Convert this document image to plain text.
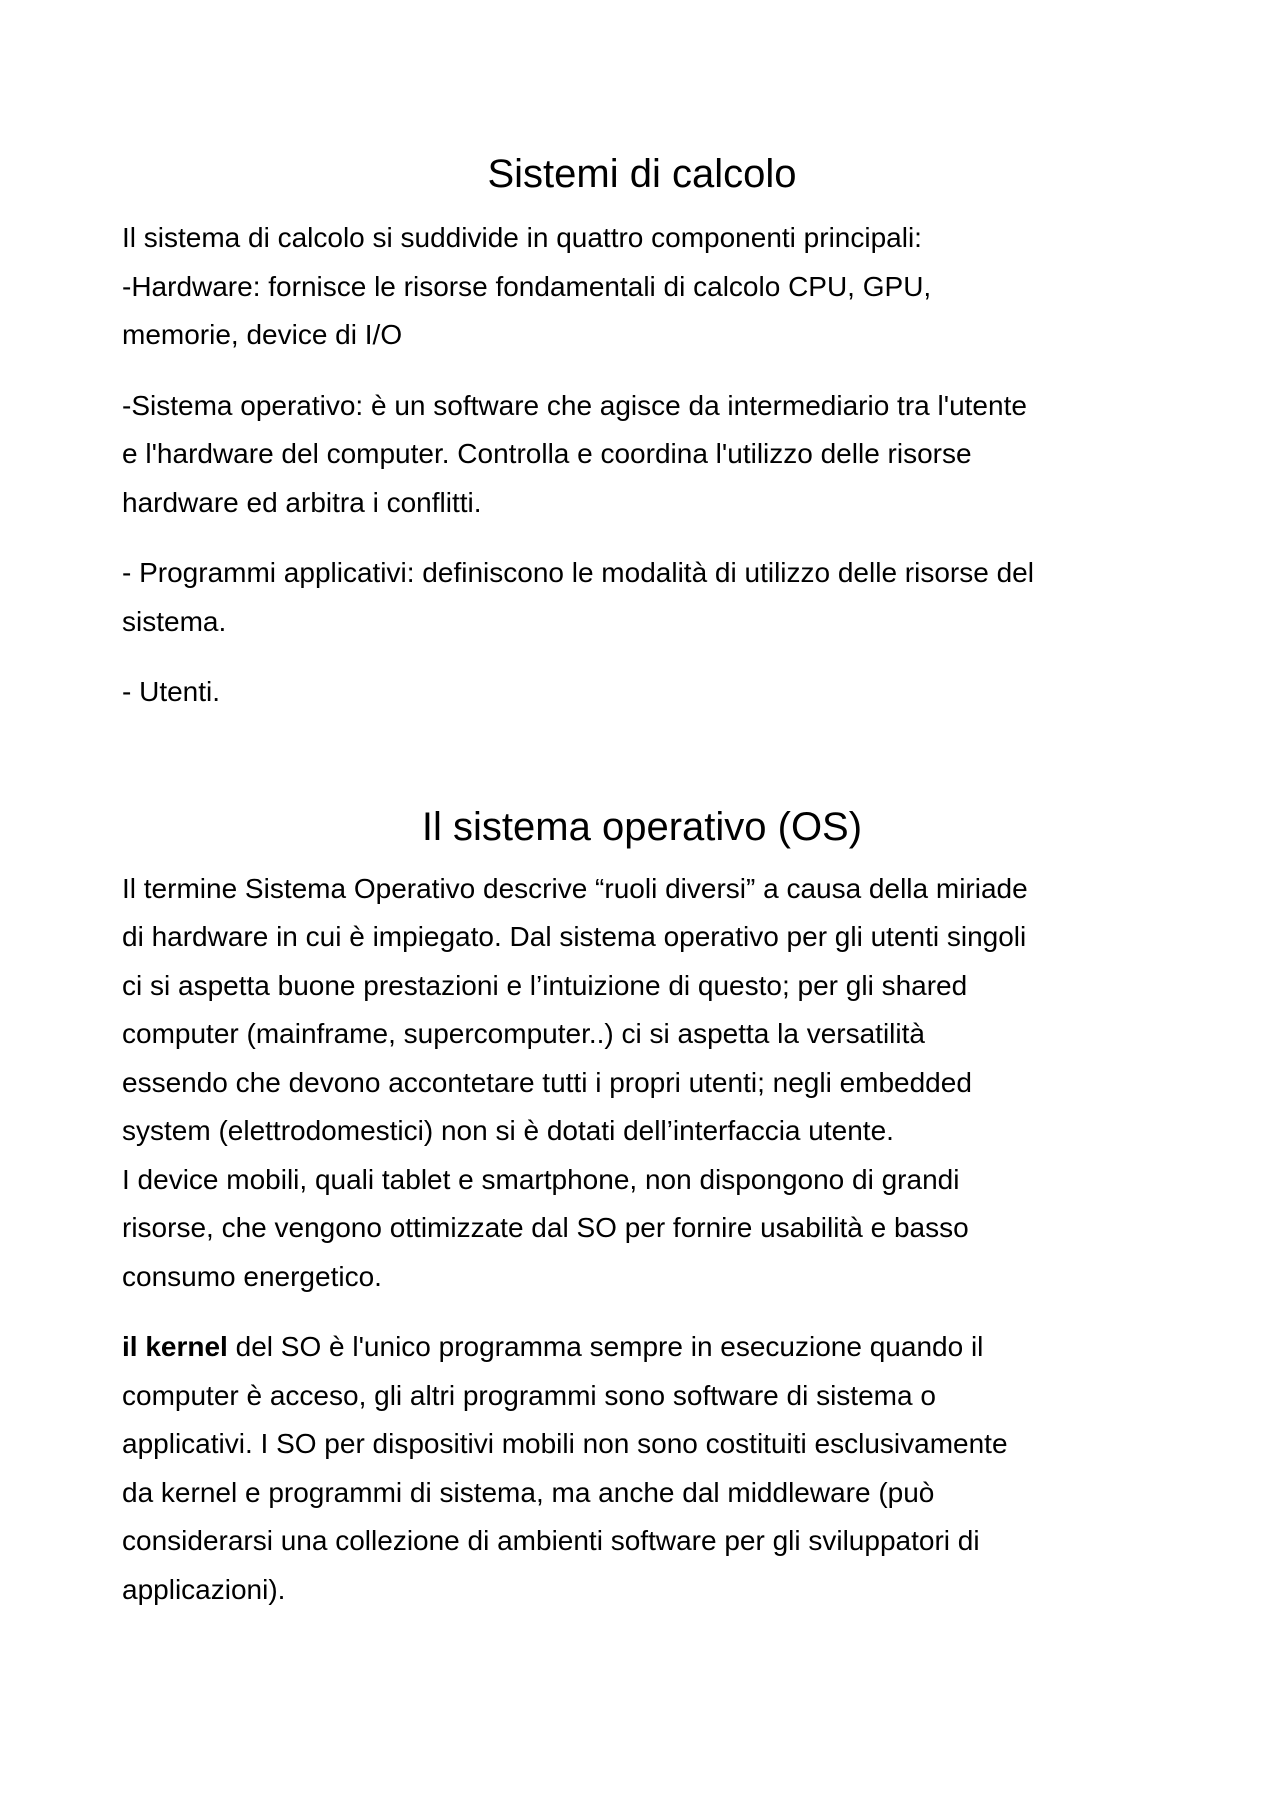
Sistemi di calcolo

Il sistema di calcolo si suddivide in quattro componenti principali:
-Hardware: fornisce le risorse fondamentali di calcolo CPU, GPU,
memorie, device di I/O

-Sistema operativo: è un software che agisce da intermediario tra l'utente
e l'hardware del computer. Controlla e coordina l'utilizzo delle risorse
hardware ed arbitra i conflitti.

- Programmi applicativi: definiscono le modalità di utilizzo delle risorse del
sistema.

- Utenti.

Il sistema operativo (OS)

Il termine Sistema Operativo descrive “ruoli diversi” a causa della miriade
di hardware in cui è impiegato. Dal sistema operativo per gli utenti singoli
ci si aspetta buone prestazioni e l’intuizione di questo; per gli shared
computer (mainframe, supercomputer..) ci si aspetta la versatilità
essendo che devono accontetare tutti i propri utenti; negli embedded
system (elettrodomestici) non si è dotati dell’interfaccia utente.
I device mobili, quali tablet e smartphone, non dispongono di grandi
risorse, che vengono ottimizzate dal SO per fornire usabilità e basso
consumo energetico.

il kernel del SO è l'unico programma sempre in esecuzione quando il
computer è acceso, gli altri programmi sono software di sistema o
applicativi. I SO per dispositivi mobili non sono costituiti esclusivamente
da kernel e programmi di sistema, ma anche dal middleware (può
considerarsi una collezione di ambienti software per gli sviluppatori di
applicazioni).
